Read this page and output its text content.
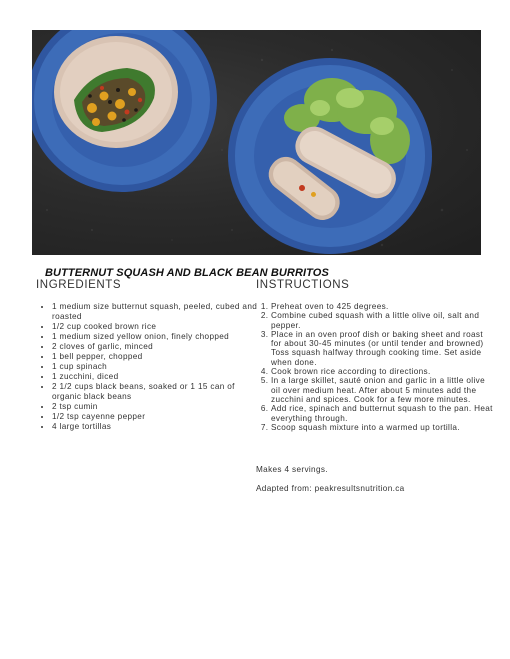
BUTTERNUT SQUASH AND BLACK BEAN BURRITOS
INGREDIENTS	INSTRUCTIONS
• 1 medium size butternut squash, peeled, cubed and roasted
• 1/2 cup cooked brown rice
• 1 medium sized yellow onion, finely chopped
• 2 cloves of garlic, minced
• 1 bell pepper, chopped
• 1 cup spinach
• 1 zucchini, diced
• 2 1/2 cups black beans, soaked or 1 15 can of organic black beans
• 2 tsp cumin
• 1/2 tsp cayenne pepper
• 4 large tortillas
1. Preheat oven to 425 degrees.
2. Combine cubed squash with a little olive oil, salt and pepper.
3. Place in an oven proof dish or baking sheet and roast for about 30-45 minutes (or until tender and browned) Toss squash halfway through cooking time. Set aside when done.
4. Cook brown rice according to directions.
5. In a large skillet, sauté onion and garlic in a little olive oil over medium heat. After about 5 minutes add the zucchini and spices. Cook for a few more minutes.
6. Add rice, spinach and butternut squash to the pan. Heat everything through.
7. Scoop squash mixture into a warmed up tortilla.
Makes 4 servings.
Adapted from: peakresultsnutrition.ca
